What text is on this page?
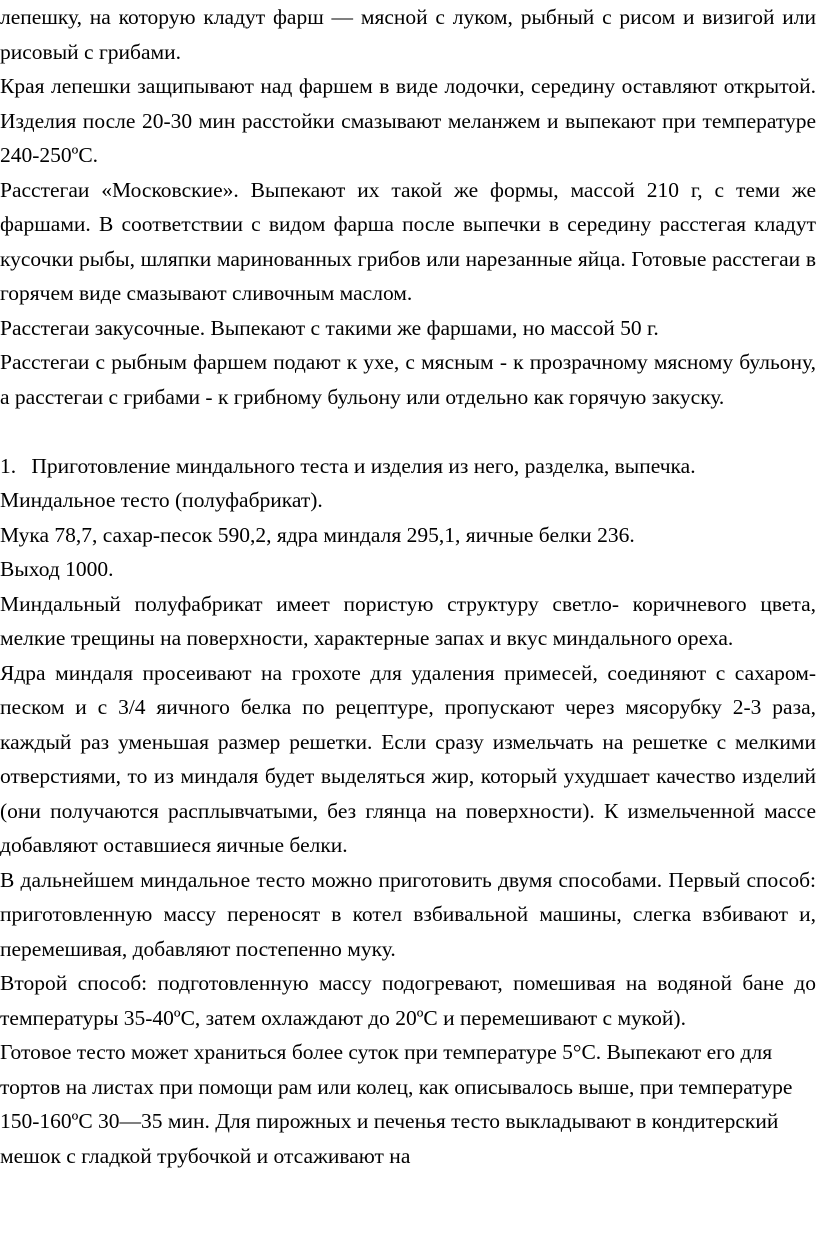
лепешку, на которую кладут фарш — мясной с луком, рыбный с рисом и визигой или рисовый с грибами.

Края лепешки защипывают над фаршем в виде лодочки, середину оставляют открытой. Изделия после 20-30 мин расстойки смазывают меланжем и выпекают при температуре 240-250ºС.

Расстегаи «Московские». Выпекают их такой же формы, массой 210 г, с теми же фаршами. В соответствии с видом фарша после выпечки в середину расстегая кладут кусочки рыбы, шляпки маринованных грибов или нарезанные яйца. Готовые расстегаи в горячем виде смазывают сливочным маслом.

Расстегаи закусочные. Выпекают с такими же фаршами, но массой 50 г.

Расстегаи с рыбным фаршем подают к ухе, с мясным - к прозрачному мясному бульону, а расстегаи с грибами - к грибному бульону или отдельно как горячую закуску.

1. Приготовление миндального теста и изделия из него, разделка, выпечка.

Миндальное тесто (полуфабрикат).

Мука 78,7, сахар-песок 590,2, ядра миндаля 295,1, яичные белки 236.

Выход 1000.

Миндальный полуфабрикат имеет пористую структуру светло- коричневого цвета, мелкие трещины на поверхности, характерные запах и вкус миндального ореха.

Ядра миндаля просеивают на грохоте для удаления примесей, соединяют с сахаром-песком и с 3/4 яичного белка по рецептуре, пропускают через мясорубку 2-3 раза, каждый раз уменьшая размер решетки. Если сразу измельчать на решетке с мелкими отверстиями, то из миндаля будет выделяться жир, который ухудшает качество изделий (они получаются расплывчатыми, без глянца на поверхности). К измельченной массе добавляют оставшиеся яичные белки.

В дальнейшем миндальное тесто можно приготовить двумя способами. Первый способ: приготовленную массу переносят в котел взбивальной машины, слегка взбивают и, перемешивая, добавляют постепенно муку.

Второй способ: подготовленную массу подогревают, помешивая на водяной бане до температуры 35-40ºС, затем охлаждают до 20ºС и перемешивают с мукой).

Готовое тесто может храниться более суток при температуре 5°С. Выпекают его для тортов на листах при помощи рам или колец, как описывалось выше, при температуре 150-160ºС 30—35 мин. Для пирожных и печенья тесто выкладывают в кондитерский мешок с гладкой трубочкой и отсаживают на
